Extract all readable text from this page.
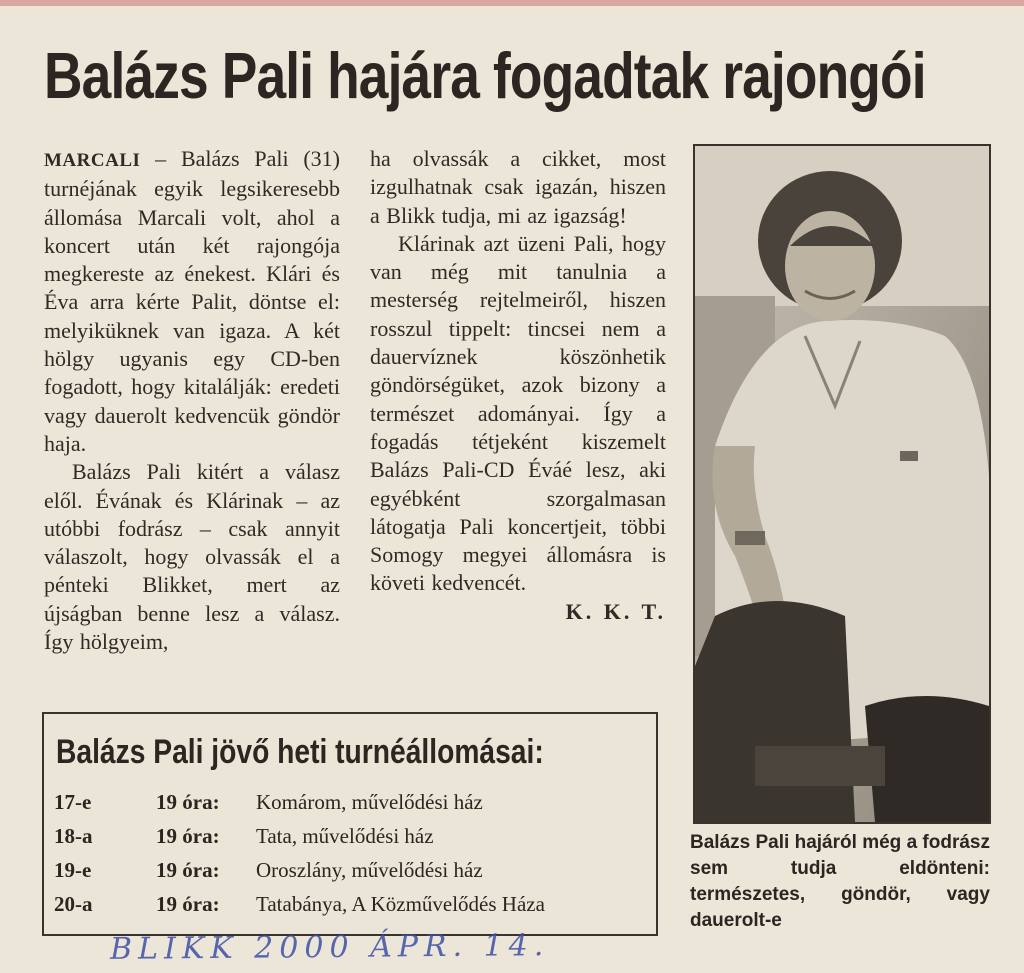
Balázs Pali hajára fogadtak rajongói

MARCALI – Balázs Pali (31) turnéjának egyik legsikeresebb állomása Marcali volt, ahol a koncert után két rajongója megkereste az énekest. Klári és Éva arra kérte Palit, döntse el: melyiküknek van igaza. A két hölgy ugyanis egy CD-ben fogadott, hogy kitalálják: eredeti vagy dauerolt kedvencük göndör haja.

Balázs Pali kitért a válasz elől. Évának és Klárinak – az utóbbi fodrász – csak annyit válaszolt, hogy olvassák el a pénteki Blikket, mert az újságban benne lesz a válasz. Így hölgyeim,

ha olvassák a cikket, most izgulhatnak csak igazán, hiszen a Blikk tudja, mi az igazság!

Klárinak azt üzeni Pali, hogy van még mit tanulnia a mesterség rejtelmeiről, hiszen rosszul tippelt: tincsei nem a dauervíznek köszönhetik göndörségüket, azok bizony a természet adományai. Így a fogadás tétjeként kiszemelt Balázs Pali-CD Éváé lesz, aki egyébként szorgalmasan látogatja Pali koncertjeit, többi Somogy megyei állomásra is követi kedvencét.

K. K. T.

Balázs Pali hajáról még a fodrász sem tudja eldönteni: természetes, göndör, vagy dauerolt-e
Balázs Pali jövő heti turnéállomásai:
17-e	19 óra: Komárom, művelődési ház
18-a	19 óra: Tata, művelődési ház
19-e	19 óra: Oroszlány, művelődési ház
20-a	19 óra: Tatabánya, A Közművelődés Háza
BLIKK 2000 ÁPR. 14.
